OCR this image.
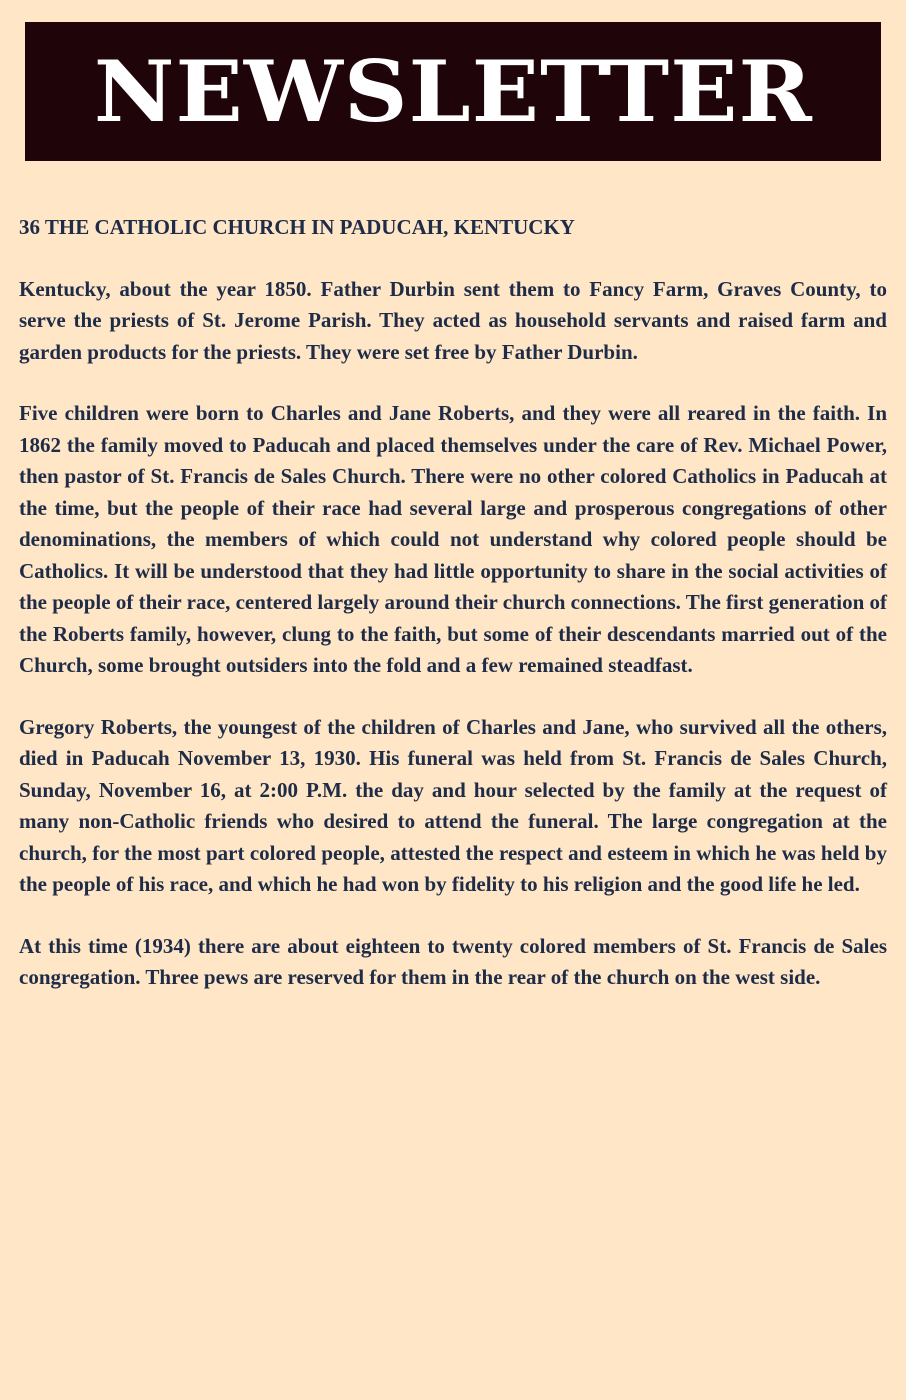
NEWSLETTER

36 THE CATHOLIC CHURCH IN PADUCAH, KENTUCKY

Kentucky, about the year 1850. Father Durbin sent them to Fancy Farm, Graves County, to serve the priests of St. Jerome Parish. They acted as household servants and raised farm and garden products for the priests. They were set free by Father Durbin.

Five children were born to Charles and Jane Roberts, and they were all reared in the faith. In 1862 the family moved to Paducah and placed themselves under the care of Rev. Michael Power, then pastor of St. Francis de Sales Church. There were no other colored Catholics in Paducah at the time, but the people of their race had several large and prosperous congregations of other denominations, the members of which could not understand why colored people should be Catholics. It will be understood that they had little opportunity to share in the social activities of the people of their race, centered largely around their church connections. The first generation of the Roberts family, however, clung to the faith, but some of their descendants married out of the Church, some brought outsiders into the fold and a few remained steadfast.

Gregory Roberts, the youngest of the children of Charles and Jane, who survived all the others, died in Paducah November 13, 1930. His funeral was held from St. Francis de Sales Church, Sunday, November 16, at 2:00 P.M. the day and hour selected by the family at the request of many non-Catholic friends who desired to attend the funeral. The large congregation at the church, for the most part colored people, attested the respect and esteem in which he was held by the people of his race, and which he had won by fidelity to his religion and the good life he led.

At this time (1934) there are about eighteen to twenty colored members of St. Francis de Sales congregation. Three pews are reserved for them in the rear of the church on the west side.
